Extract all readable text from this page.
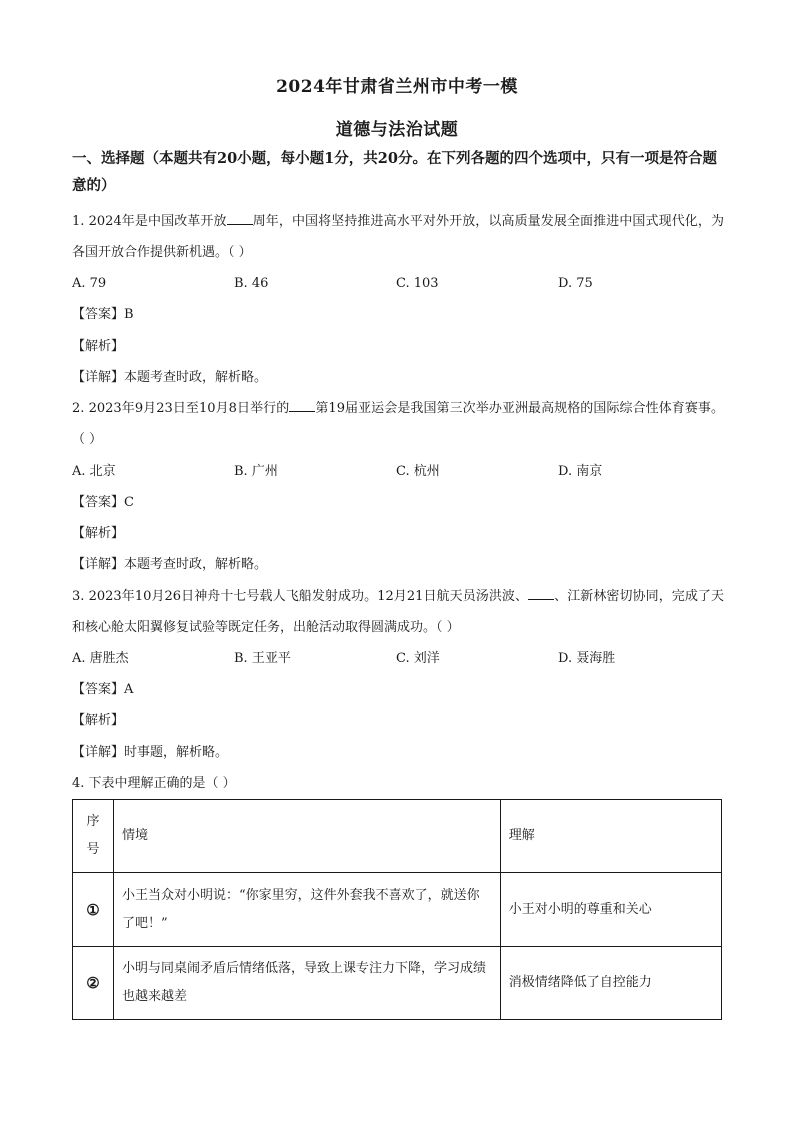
2024年甘肃省兰州市中考一模
道德与法治试题
一、选择题（本题共有20小题，每小题1分，共20分。在下列各题的四个选项中，只有一项是符合题意的）
1. 2024年是中国改革开放 周年，中国将坚持推进高水平对外开放，以高质量发展全面推进中国式现代化，为各国开放合作提供新机遇。（ ）
A. 79	B. 46	C. 103	D. 75
【答案】B
【解析】
【详解】本题考查时政，解析略。
2. 2023年9月23日至10月8日举行的 第19届亚运会是我国第三次举办亚洲最高规格的国际综合性体育赛事。（ ）
A. 北京	B. 广州	C. 杭州	D. 南京
【答案】C
【解析】
【详解】本题考查时政，解析略。
3. 2023年10月26日神舟十七号载人飞船发射成功。12月21日航天员汤洪波、 、江新林密切协同，完成了天和核心舱太阳翼修复试验等既定任务，出舱活动取得圆满成功。（ ）
A. 唐胜杰	B. 王亚平	C. 刘洋	D. 聂海胜
【答案】A
【解析】
【详解】时事题，解析略。
4. 下表中理解正确的是（ ）
序号	情境	理解
①	小王当众对小明说：“你家里穷，这件外套我不喜欢了，就送你了吧！”	小王对小明的尊重和关心
②	小明与同桌闹矛盾后情绪低落，导致上课专注力下降，学习成绩也越来越差	消极情绪降低了自控能力
